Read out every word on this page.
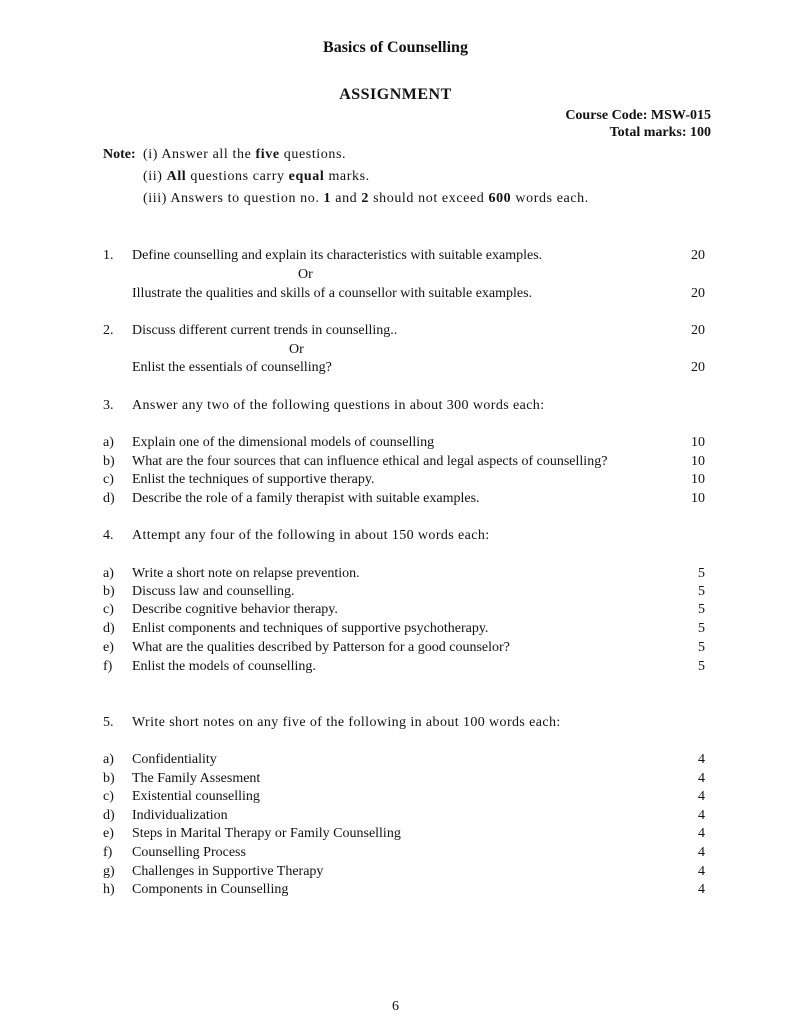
Basics of Counselling
ASSIGNMENT
Course Code: MSW-015
Total marks: 100
Note: (i) Answer all the five questions.
(ii) All questions carry equal marks.
(iii) Answers to question no. 1 and 2 should not exceed 600 words each.
1. Define counselling and explain its characteristics with suitable examples.	20
Or
Illustrate the qualities and skills of a counsellor with suitable examples.	20
2. Discuss different current trends in counselling..	20
Or
Enlist the essentials of counselling?	20
3. Answer any two of the following questions in about 300 words each:
a) Explain one of the dimensional models of counselling	10
b) What are the four sources that can influence ethical and legal aspects of counselling?	10
c) Enlist the techniques of supportive therapy.	10
d) Describe the role of a family therapist with suitable examples.	10
4. Attempt any four of the following in about 150 words each:
a) Write a short note on relapse prevention.	5
b) Discuss law and counselling.	5
c) Describe cognitive behavior therapy.	5
d) Enlist components and techniques of supportive psychotherapy.	5
e) What are the qualities described by Patterson for a good counselor?	5
f) Enlist the models of counselling.	5
5. Write short notes on any five of the following in about 100 words each:
a) Confidentiality	4
b) The Family Assesment	4
c) Existential counselling	4
d) Individualization	4
e) Steps in Marital Therapy or Family Counselling	4
f) Counselling Process	4
g) Challenges in Supportive Therapy	4
h) Components in Counselling	4
6
